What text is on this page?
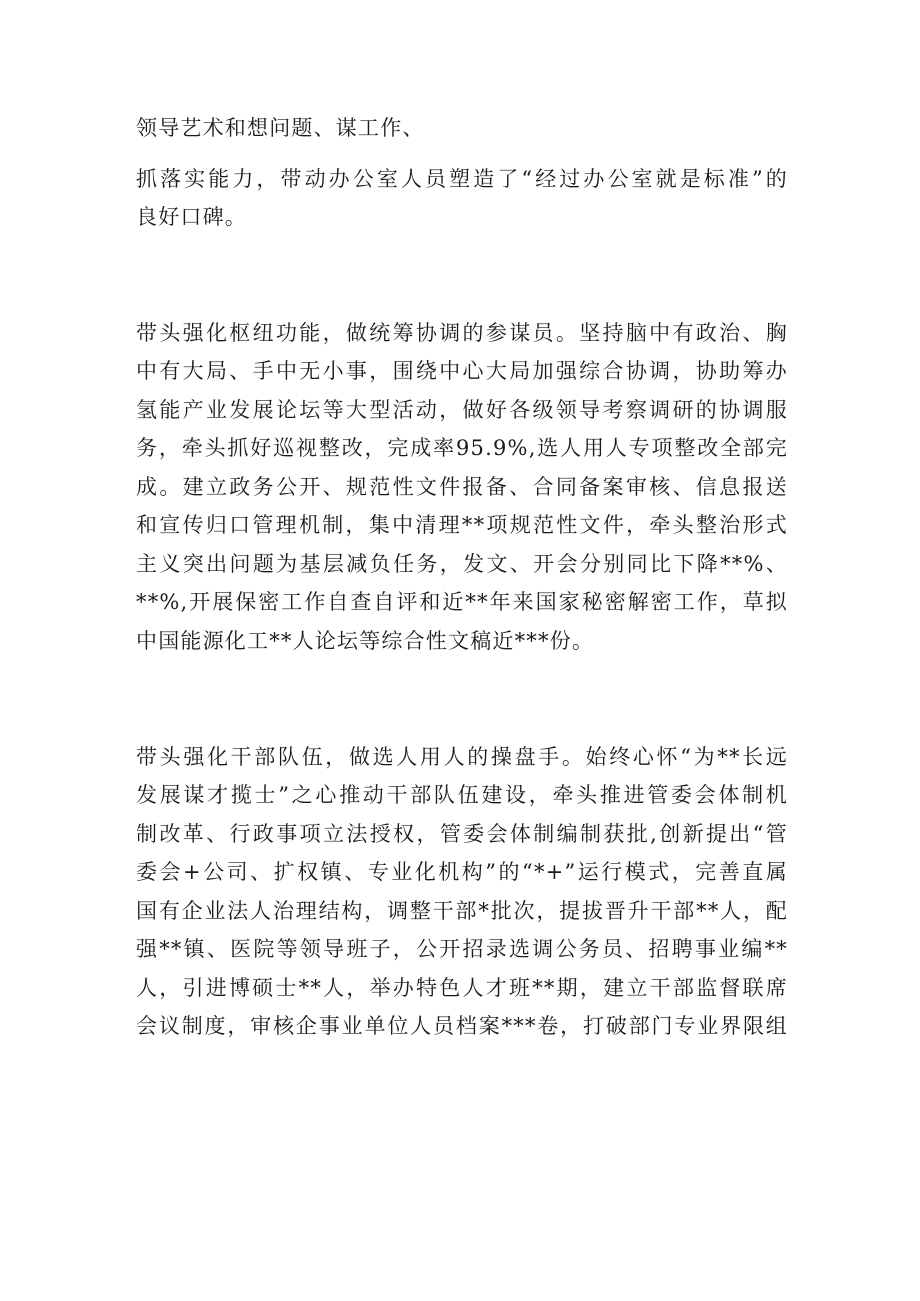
领导艺术和想问题、谋工作、
抓落实能力，带动办公室人员塑造了“经过办公室就是标准”的
良好口碑。
带头强化枢纽功能，做统筹协调的参谋员。坚持脑中有政治、胸
中有大局、手中无小事，围绕中心大局加强综合协调，协助筹办
氢能产业发展论坛等大型活动，做好各级领导考察调研的协调服
务，牵头抓好巡视整改，完成率95.9%,选人用人专项整改全部完
成。建立政务公开、规范性文件报备、合同备案审核、信息报送
和宣传归口管理机制，集中清理**项规范性文件，牵头整治形式
主义突出问题为基层减负任务，发文、开会分别同比下降**%、
**%,开展保密工作自查自评和近**年来国家秘密解密工作，草拟
中国能源化工**人论坛等综合性文稿近***份。
带头强化干部队伍，做选人用人的操盘手。始终心怀“为**长远
发展谋才揽士”之心推动干部队伍建设，牵头推进管委会体制机
制改革、行政事项立法授权，管委会体制编制获批,创新提出“管
委会+公司、扩权镇、专业化机构”的“*+”运行模式，完善直属
国有企业法人治理结构，调整干部*批次，提拔晋升干部**人，配
强**镇、医院等领导班子，公开招录选调公务员、招聘事业编**
人，引进博硕士**人，举办特色人才班**期，建立干部监督联席
会议制度，审核企事业单位人员档案***卷，打破部门专业界限组
